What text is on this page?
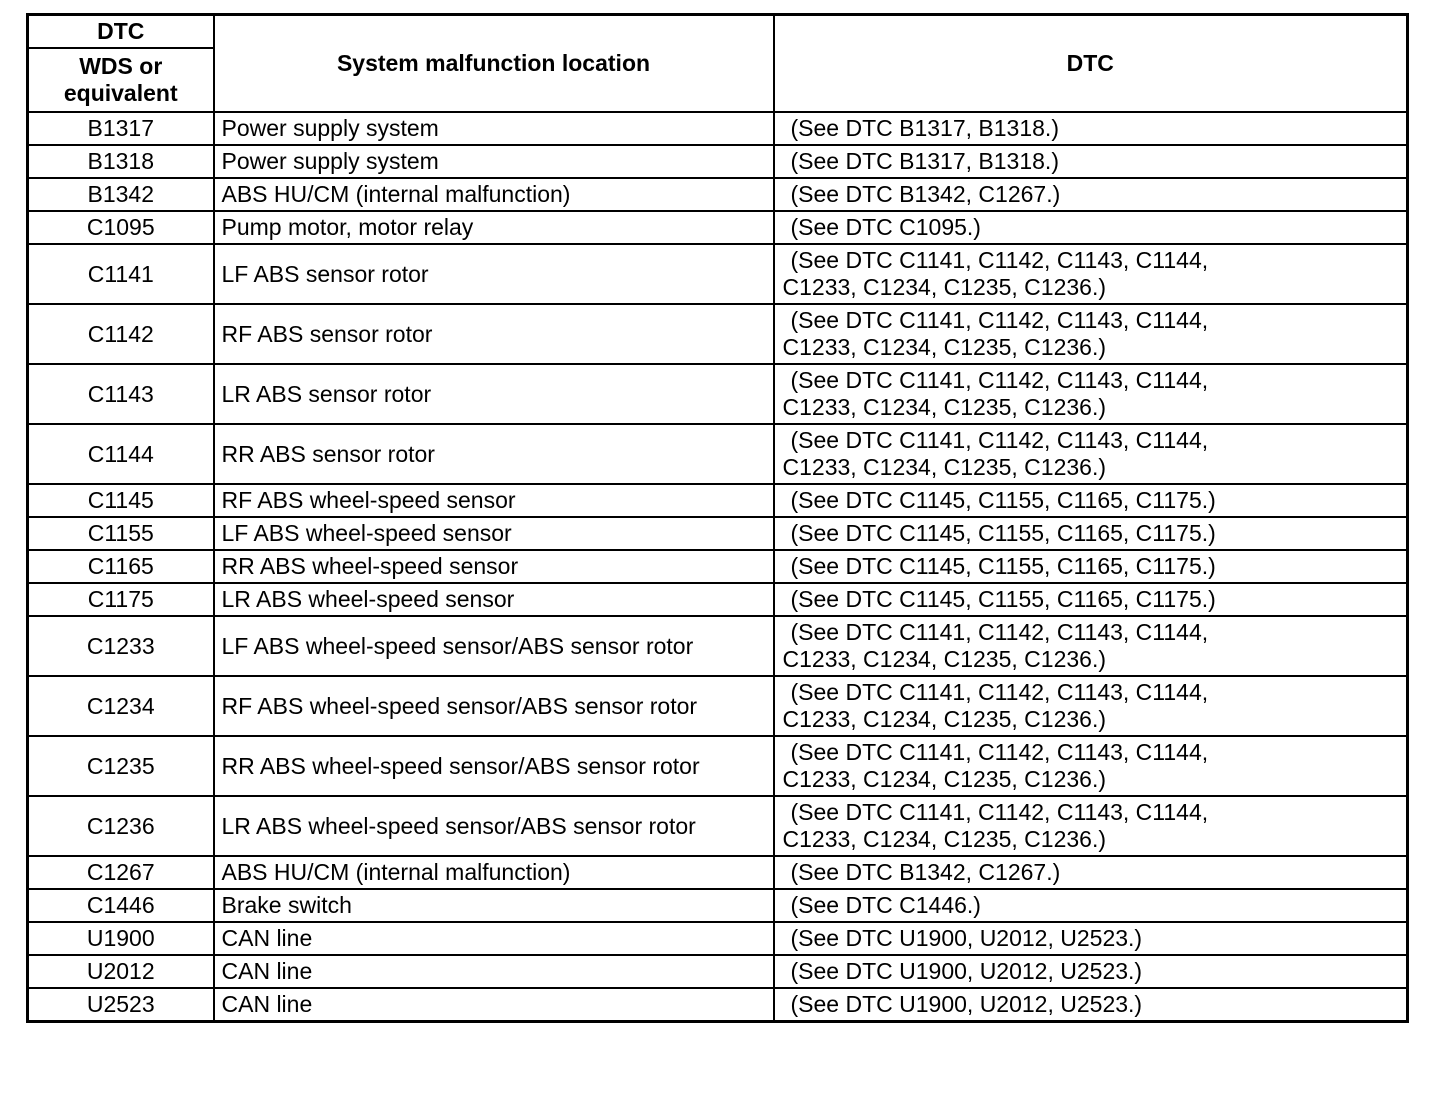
DTC	System malfunction location	DTC
WDS or
equivalent		
B1317	Power supply system	(See DTC B1317, B1318.)

B1318	Power supply system	(See DTC B1317, B1318.)

B1342	ABS HU/CM (internal malfunction)	(See DTC B1342, C1267.)

C1095	Pump motor, motor relay	(See DTC C1095.)

C1141	LF ABS sensor rotor	(See DTC C1141, C1142, C1143, C1144,
C1233, C1234, C1235, C1236.)

C1142	RF ABS sensor rotor	(See DTC C1141, C1142, C1143, C1144,
C1233, C1234, C1235, C1236.)

C1143	LR ABS sensor rotor	(See DTC C1141, C1142, C1143, C1144,
C1233, C1234, C1235, C1236.)

C1144	RR ABS sensor rotor	(See DTC C1141, C1142, C1143, C1144,
C1233, C1234, C1235, C1236.)

C1145	RF ABS wheel-speed sensor	(See DTC C1145, C1155, C1165, C1175.)

C1155	LF ABS wheel-speed sensor	(See DTC C1145, C1155, C1165, C1175.)

C1165	RR ABS wheel-speed sensor	(See DTC C1145, C1155, C1165, C1175.)

C1175	LR ABS wheel-speed sensor	(See DTC C1145, C1155, C1165, C1175.)

C1233	LF ABS wheel-speed sensor/ABS sensor rotor	(See DTC C1141, C1142, C1143, C1144,
C1233, C1234, C1235, C1236.)

C1234	RF ABS wheel-speed sensor/ABS sensor rotor	(See DTC C1141, C1142, C1143, C1144,
C1233, C1234, C1235, C1236.)

C1235	RR ABS wheel-speed sensor/ABS sensor rotor	(See DTC C1141, C1142, C1143, C1144,
C1233, C1234, C1235, C1236.)

C1236	LR ABS wheel-speed sensor/ABS sensor rotor	(See DTC C1141, C1142, C1143, C1144,
C1233, C1234, C1235, C1236.)

C1267	ABS HU/CM (internal malfunction)	(See DTC B1342, C1267.)

C1446	Brake switch	(See DTC C1446.)

U1900	CAN line	(See DTC U1900, U2012, U2523.)

U2012	CAN line	(See DTC U1900, U2012, U2523.)

U2523	CAN line	(See DTC U1900, U2012, U2523.)
